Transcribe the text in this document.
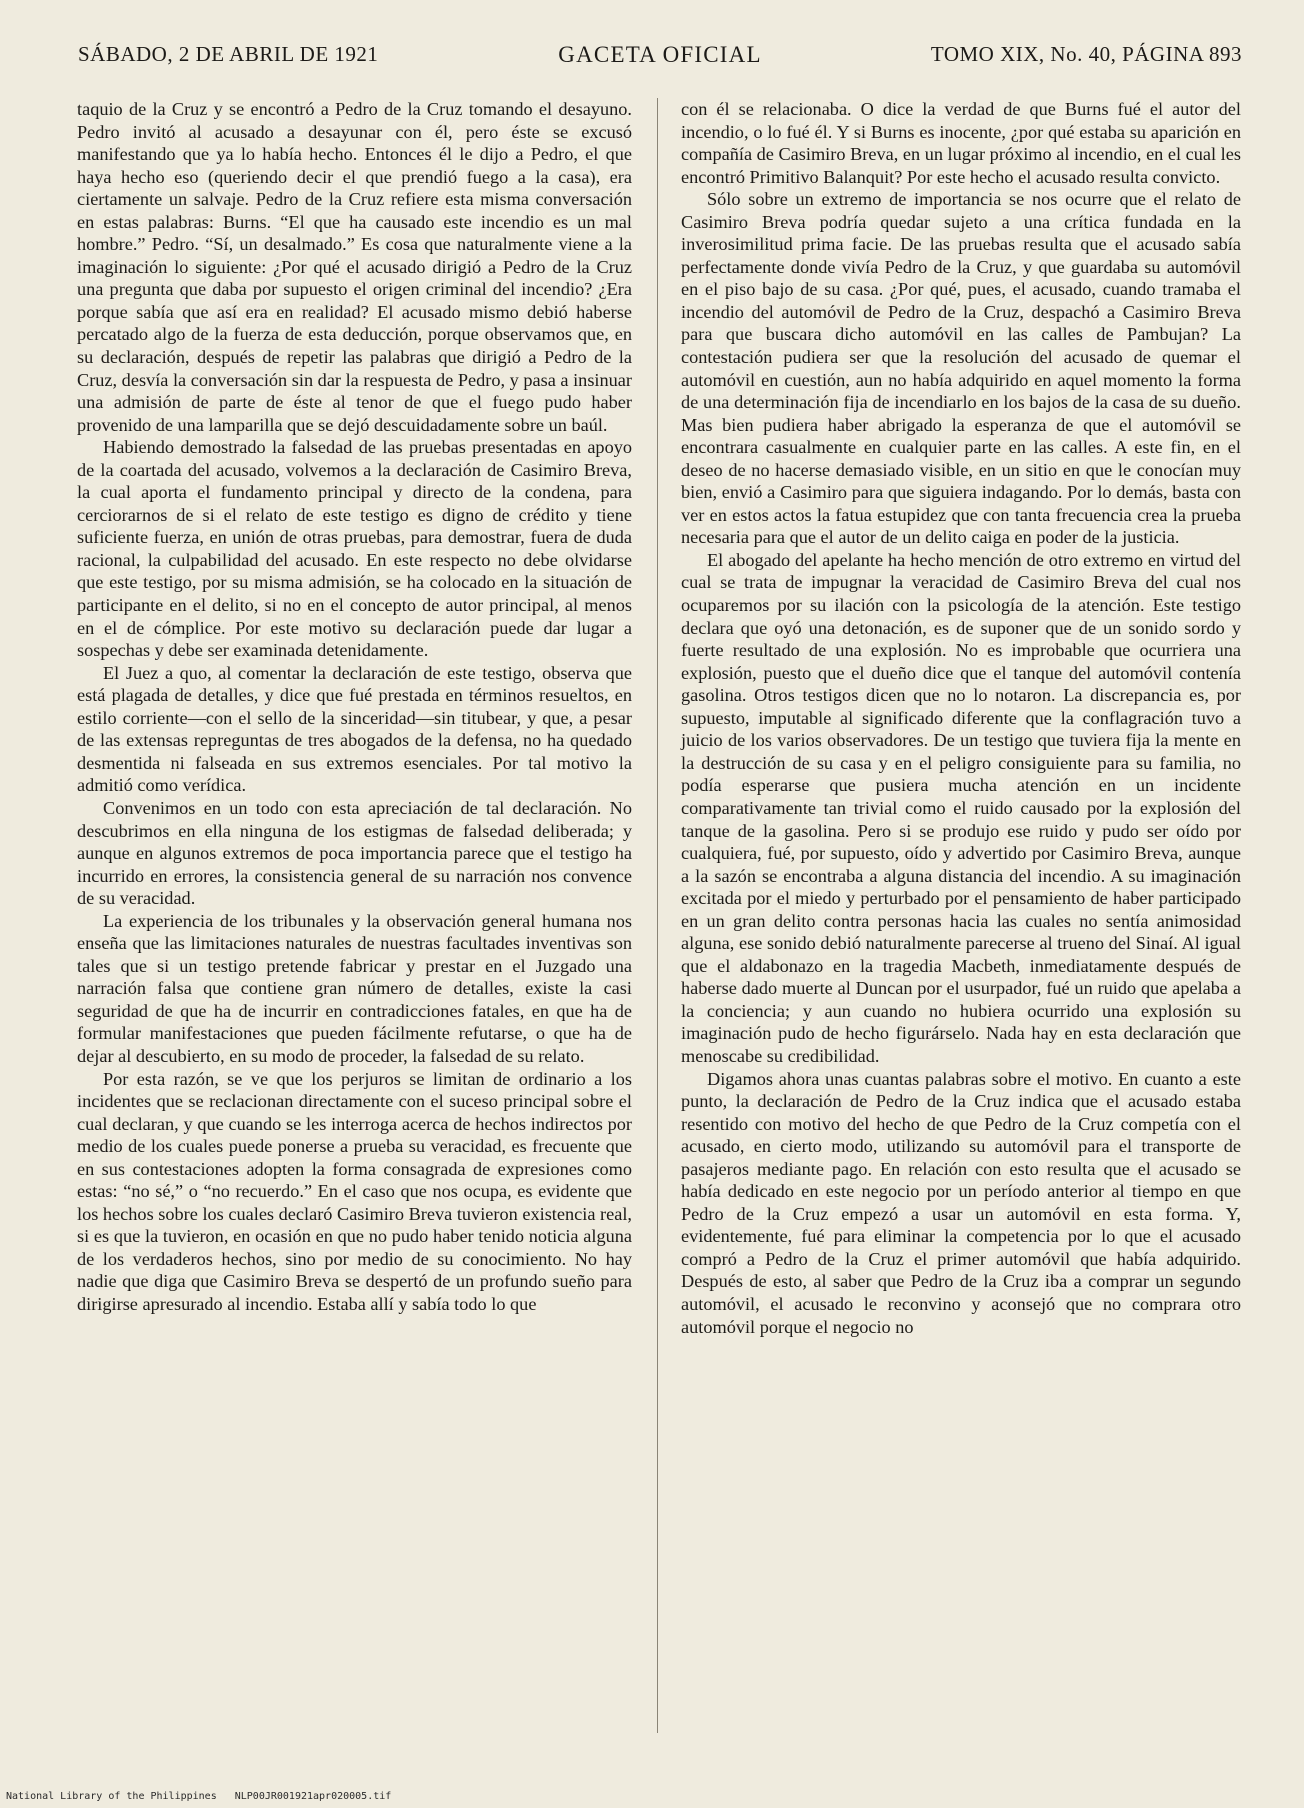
SÁBADO, 2 DE ABRIL DE 1921	GACETA OFICIAL	TOMO XIX, No. 40, PÁGINA 893

taquio de la Cruz y se encontró a Pedro de la Cruz tomando el desayuno. Pedro invitó al acusado a desayunar con él, pero éste se excusó manifestando que ya lo había hecho. Entonces él le dijo a Pedro, el que haya hecho eso (queriendo decir el que prendió fuego a la casa), era ciertamente un salvaje. Pedro de la Cruz refiere esta misma conversación en estas palabras: Burns. “El que ha causado este incendio es un mal hombre.” Pedro. “Sí, un desalmado.” Es cosa que naturalmente viene a la imaginación lo siguiente: ¿Por qué el acusado dirigió a Pedro de la Cruz una pregunta que daba por supuesto el origen criminal del incendio? ¿Era porque sabía que así era en realidad? El acusado mismo debió haberse percatado algo de la fuerza de esta deducción, porque observamos que, en su declaración, después de repetir las palabras que dirigió a Pedro de la Cruz, desvía la conversación sin dar la respuesta de Pedro, y pasa a insinuar una admisión de parte de éste al tenor de que el fuego pudo haber provenido de una lamparilla que se dejó descuidadamente sobre un baúl.

Habiendo demostrado la falsedad de las pruebas presentadas en apoyo de la coartada del acusado, volvemos a la declaración de Casimiro Breva, la cual aporta el fundamento principal y directo de la condena, para cerciorarnos de si el relato de este testigo es digno de crédito y tiene suficiente fuerza, en unión de otras pruebas, para demostrar, fuera de duda racional, la culpabilidad del acusado. En este respecto no debe olvidarse que este testigo, por su misma admisión, se ha colocado en la situación de participante en el delito, si no en el concepto de autor principal, al menos en el de cómplice. Por este motivo su declaración puede dar lugar a sospechas y debe ser examinada detenidamente.

El Juez a quo, al comentar la declaración de este testigo, observa que está plagada de detalles, y dice que fué prestada en términos resueltos, en estilo corriente—con el sello de la sinceridad—sin titubear, y que, a pesar de las extensas repreguntas de tres abogados de la defensa, no ha quedado desmentida ni falseada en sus extremos esenciales. Por tal motivo la admitió como verídica.

Convenimos en un todo con esta apreciación de tal declaración. No descubrimos en ella ninguna de los estigmas de falsedad deliberada; y aunque en algunos extremos de poca importancia parece que el testigo ha incurrido en errores, la consistencia general de su narración nos convence de su veracidad.

La experiencia de los tribunales y la observación general humana nos enseña que las limitaciones naturales de nuestras facultades inventivas son tales que si un testigo pretende fabricar y prestar en el Juzgado una narración falsa que contiene gran número de detalles, existe la casi seguridad de que ha de incurrir en contradicciones fatales, en que ha de formular manifestaciones que pueden fácilmente refutarse, o que ha de dejar al descubierto, en su modo de proceder, la falsedad de su relato.

Por esta razón, se ve que los perjuros se limitan de ordinario a los incidentes que se reclacionan directamente con el suceso principal sobre el cual declaran, y que cuando se les interroga acerca de hechos indirectos por medio de los cuales puede ponerse a prueba su veracidad, es frecuente que en sus contestaciones adopten la forma consagrada de expresiones como estas: “no sé,” o “no recuerdo.” En el caso que nos ocupa, es evidente que los hechos sobre los cuales declaró Casimiro Breva tuvieron existencia real, si es que la tuvieron, en ocasión en que no pudo haber tenido noticia alguna de los verdaderos hechos, sino por medio de su conocimiento. No hay nadie que diga que Casimiro Breva se despertó de un profundo sueño para dirigirse apresurado al incendio. Estaba allí y sabía todo lo que

con él se relacionaba. O dice la verdad de que Burns fué el autor del incendio, o lo fué él. Y si Burns es inocente, ¿por qué estaba su aparición en compañía de Casimiro Breva, en un lugar próximo al incendio, en el cual les encontró Primitivo Balanquit? Por este hecho el acusado resulta convicto.

Sólo sobre un extremo de importancia se nos ocurre que el relato de Casimiro Breva podría quedar sujeto a una crítica fundada en la inverosimilitud prima facie. De las pruebas resulta que el acusado sabía perfectamente donde vivía Pedro de la Cruz, y que guardaba su automóvil en el piso bajo de su casa. ¿Por qué, pues, el acusado, cuando tramaba el incendio del automóvil de Pedro de la Cruz, despachó a Casimiro Breva para que buscara dicho automóvil en las calles de Pambujan? La contestación pudiera ser que la resolución del acusado de quemar el automóvil en cuestión, aun no había adquirido en aquel momento la forma de una determinación fija de incendiarlo en los bajos de la casa de su dueño. Mas bien pudiera haber abrigado la esperanza de que el automóvil se encontrara casualmente en cualquier parte en las calles. A este fin, en el deseo de no hacerse demasiado visible, en un sitio en que le conocían muy bien, envió a Casimiro para que siguiera indagando. Por lo demás, basta con ver en estos actos la fatua estupidez que con tanta frecuencia crea la prueba necesaria para que el autor de un delito caiga en poder de la justicia.

El abogado del apelante ha hecho mención de otro extremo en virtud del cual se trata de impugnar la veracidad de Casimiro Breva del cual nos ocuparemos por su ilación con la psicología de la atención. Este testigo declara que oyó una detonación, es de suponer que de un sonido sordo y fuerte resultado de una explosión. No es improbable que ocurriera una explosión, puesto que el dueño dice que el tanque del automóvil contenía gasolina. Otros testigos dicen que no lo notaron. La discrepancia es, por supuesto, imputable al significado diferente que la conflagración tuvo a juicio de los varios observadores. De un testigo que tuviera fija la mente en la destrucción de su casa y en el peligro consiguiente para su familia, no podía esperarse que pusiera mucha atención en un incidente comparativamente tan trivial como el ruido causado por la explosión del tanque de la gasolina. Pero si se produjo ese ruido y pudo ser oído por cualquiera, fué, por supuesto, oído y advertido por Casimiro Breva, aunque a la sazón se encontraba a alguna distancia del incendio. A su imaginación excitada por el miedo y perturbado por el pensamiento de haber participado en un gran delito contra personas hacia las cuales no sentía animosidad alguna, ese sonido debió naturalmente parecerse al trueno del Sinaí. Al igual que el aldabonazo en la tragedia Macbeth, inmediatamente después de haberse dado muerte al Duncan por el usurpador, fué un ruido que apelaba a la conciencia; y aun cuando no hubiera ocurrido una explosión su imaginación pudo de hecho figurárselo. Nada hay en esta declaración que menoscabe su credibilidad.

Digamos ahora unas cuantas palabras sobre el motivo. En cuanto a este punto, la declaración de Pedro de la Cruz indica que el acusado estaba resentido con motivo del hecho de que Pedro de la Cruz competía con el acusado, en cierto modo, utilizando su automóvil para el transporte de pasajeros mediante pago. En relación con esto resulta que el acusado se había dedicado en este negocio por un período anterior al tiempo en que Pedro de la Cruz empezó a usar un automóvil en esta forma. Y, evidentemente, fué para eliminar la competencia por lo que el acusado compró a Pedro de la Cruz el primer automóvil que había adquirido. Después de esto, al saber que Pedro de la Cruz iba a comprar un segundo automóvil, el acusado le reconvino y aconsejó que no comprara otro automóvil porque el negocio no

National Library of the Philippines NLP00JR001921apr020005.tif
